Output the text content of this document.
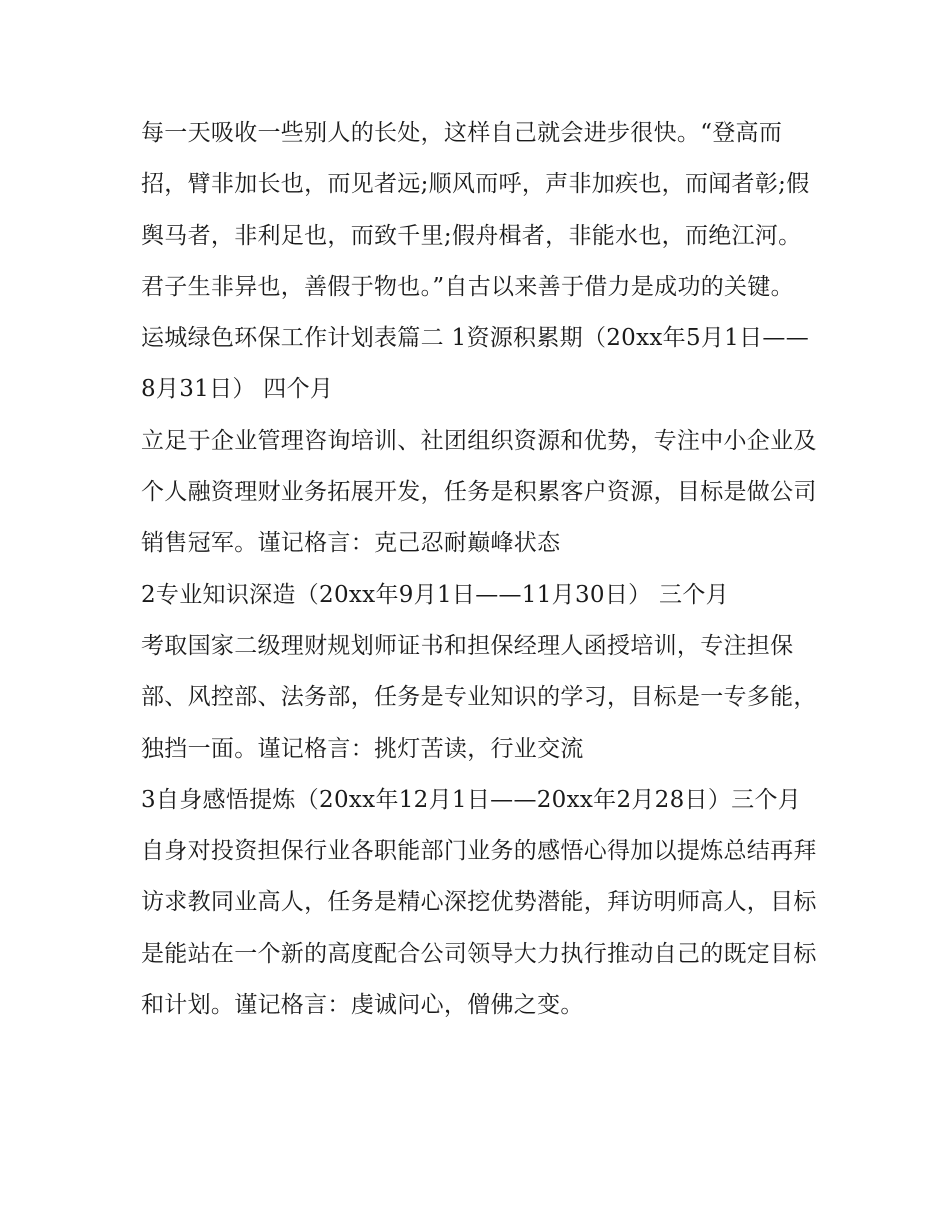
每一天吸收一些别人的长处，这样自己就会进步很快。“登高而招，臂非加长也，而见者远;顺风而呼，声非加疾也，而闻者彰;假舆马者，非利足也，而致千里;假舟楫者，非能水也，而绝江河。君子生非异也，善假于物也。”自古以来善于借力是成功的关键。

运城绿色环保工作计划表篇二 1资源积累期（20xx年5月1日——8月31日） 四个月

立足于企业管理咨询培训、社团组织资源和优势，专注中小企业及个人融资理财业务拓展开发，任务是积累客户资源，目标是做公司销售冠军。谨记格言：克己忍耐巅峰状态

2专业知识深造（20xx年9月1日——11月30日） 三个月

考取国家二级理财规划师证书和担保经理人函授培训，专注担保部、风控部、法务部，任务是专业知识的学习，目标是一专多能，独挡一面。谨记格言：挑灯苦读，行业交流

3自身感悟提炼（20xx年12月1日——20xx年2月28日）三个月

自身对投资担保行业各职能部门业务的感悟心得加以提炼总结再拜访求教同业高人，任务是精心深挖优势潜能，拜访明师高人，目标是能站在一个新的高度配合公司领导大力执行推动自己的既定目标和计划。谨记格言：虔诚问心，僧佛之变。
